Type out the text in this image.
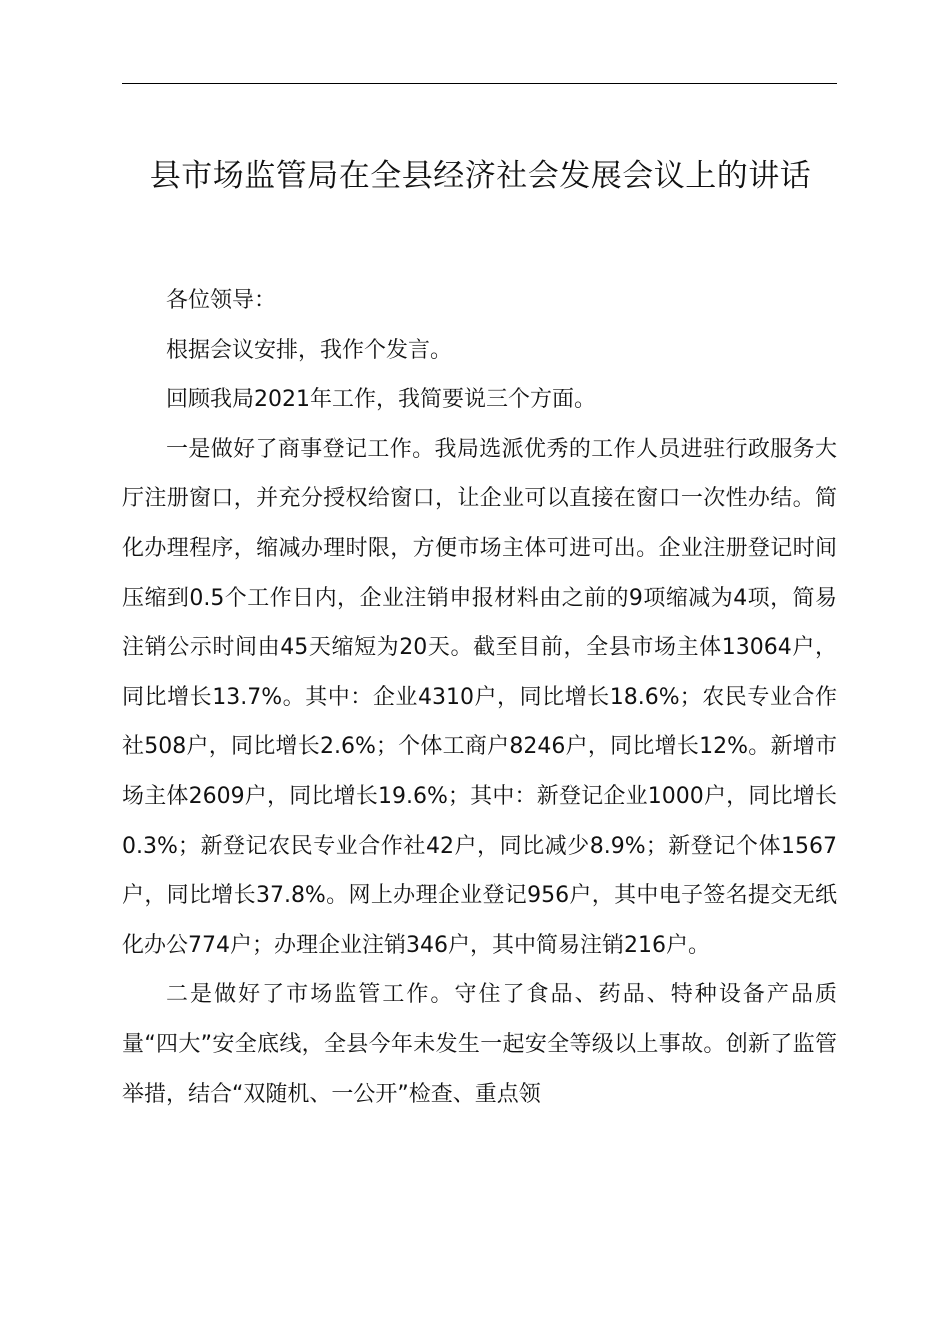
县市场监管局在全县经济社会发展会议上的讲话

各位领导：

根据会议安排，我作个发言。

回顾我局2021年工作，我简要说三个方面。

一是做好了商事登记工作。我局选派优秀的工作人员进驻行政服务大厅注册窗口，并充分授权给窗口，让企业可以直接在窗口一次性办结。简化办理程序，缩减办理时限，方便市场主体可进可出。企业注册登记时间压缩到0.5个工作日内，企业注销申报材料由之前的9项缩减为4项，简易注销公示时间由45天缩短为20天。截至目前，全县市场主体13064户，同比增长13.7%。其中：企业4310户，同比增长18.6%；农民专业合作社508户，同比增长2.6%；个体工商户8246户，同比增长12%。新增市场主体2609户，同比增长19.6%；其中：新登记企业1000户，同比增长0.3%；新登记农民专业合作社42户，同比减少8.9%；新登记个体1567户，同比增长37.8%。网上办理企业登记956户，其中电子签名提交无纸化办公774户；办理企业注销346户，其中简易注销216户。

二是做好了市场监管工作。守住了食品、药品、特种设备产品质量“四大”安全底线，全县今年未发生一起安全等级以上事故。创新了监管举措，结合“双随机、一公开”检查、重点领
